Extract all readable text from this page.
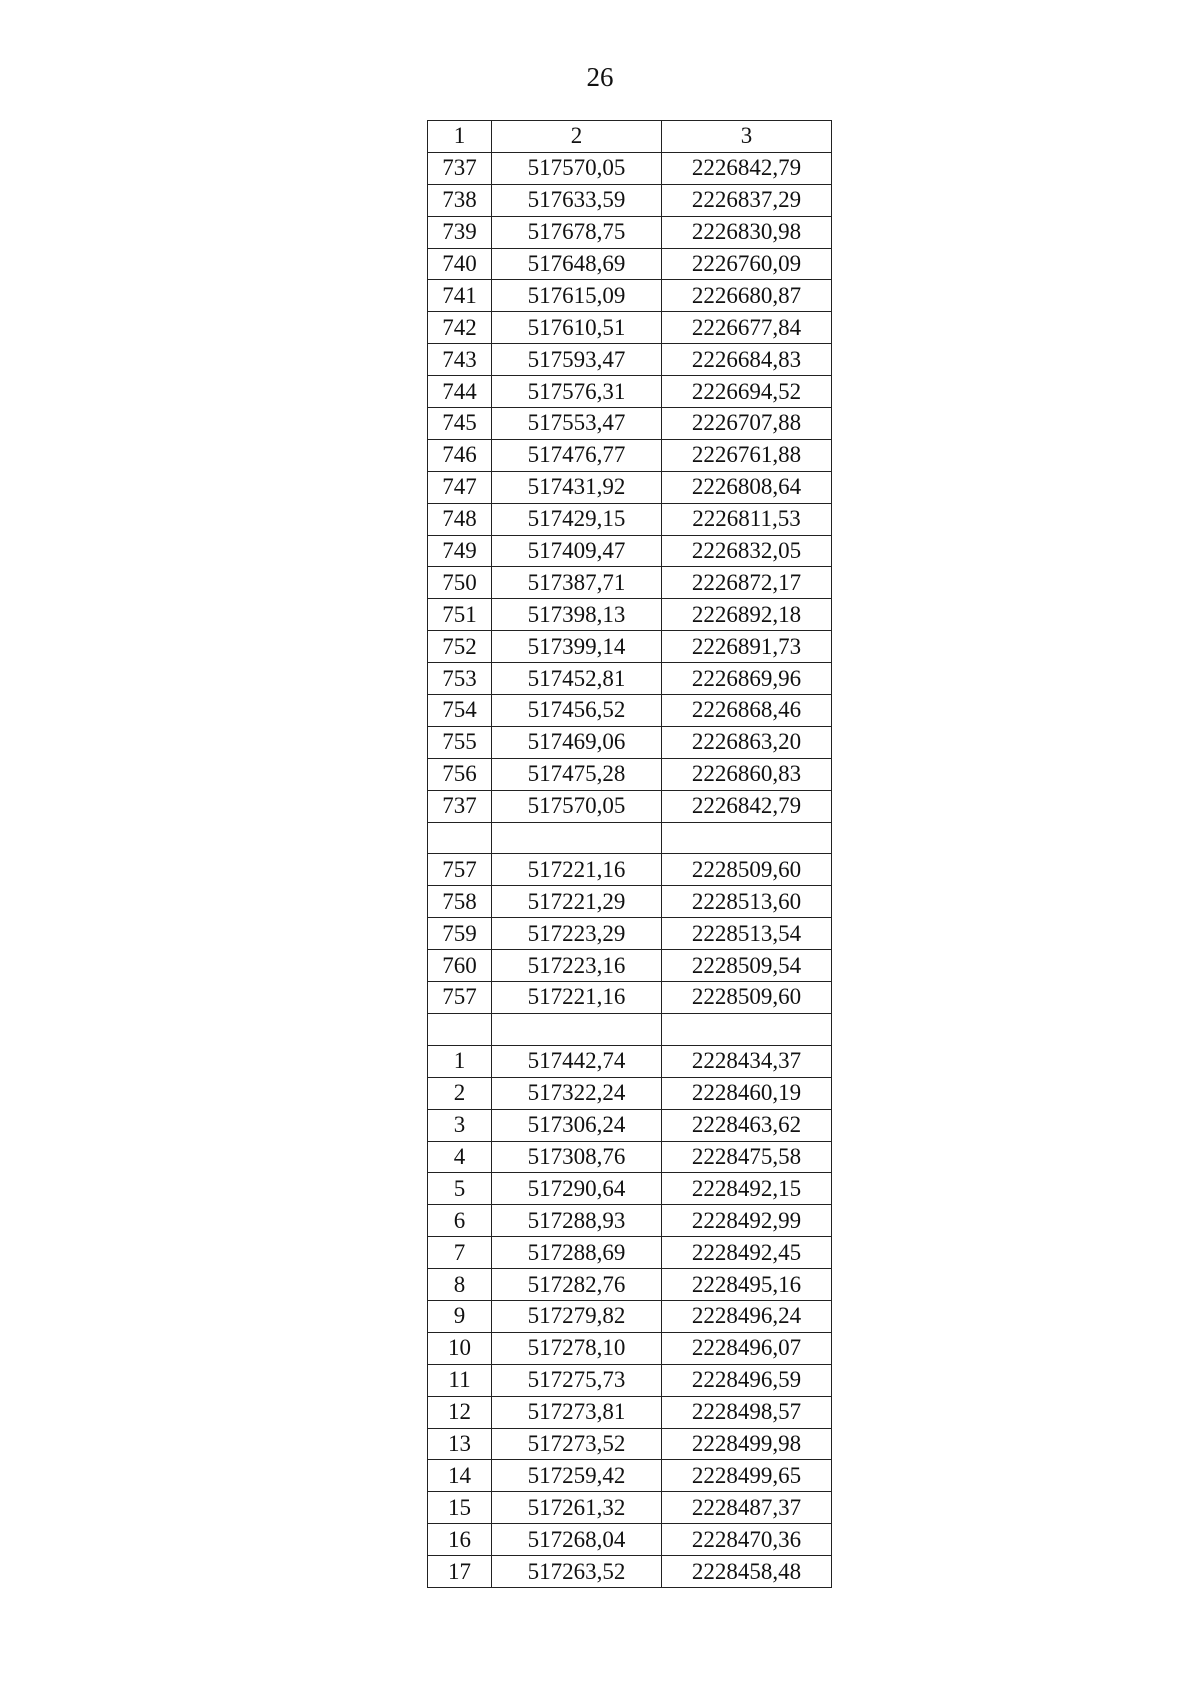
26
1	2	3
737	517570,05	2226842,79
738	517633,59	2226837,29
739	517678,75	2226830,98
740	517648,69	2226760,09
741	517615,09	2226680,87
742	517610,51	2226677,84
743	517593,47	2226684,83
744	517576,31	2226694,52
745	517553,47	2226707,88
746	517476,77	2226761,88
747	517431,92	2226808,64
748	517429,15	2226811,53
749	517409,47	2226832,05
750	517387,71	2226872,17
751	517398,13	2226892,18
752	517399,14	2226891,73
753	517452,81	2226869,96
754	517456,52	2226868,46
755	517469,06	2226863,20
756	517475,28	2226860,83
737	517570,05	2226842,79

757	517221,16	2228509,60
758	517221,29	2228513,60
759	517223,29	2228513,54
760	517223,16	2228509,54
757	517221,16	2228509,60

1	517442,74	2228434,37
2	517322,24	2228460,19
3	517306,24	2228463,62
4	517308,76	2228475,58
5	517290,64	2228492,15
6	517288,93	2228492,99
7	517288,69	2228492,45
8	517282,76	2228495,16
9	517279,82	2228496,24
10	517278,10	2228496,07
11	517275,73	2228496,59
12	517273,81	2228498,57
13	517273,52	2228499,98
14	517259,42	2228499,65
15	517261,32	2228487,37
16	517268,04	2228470,36
17	517263,52	2228458,48
